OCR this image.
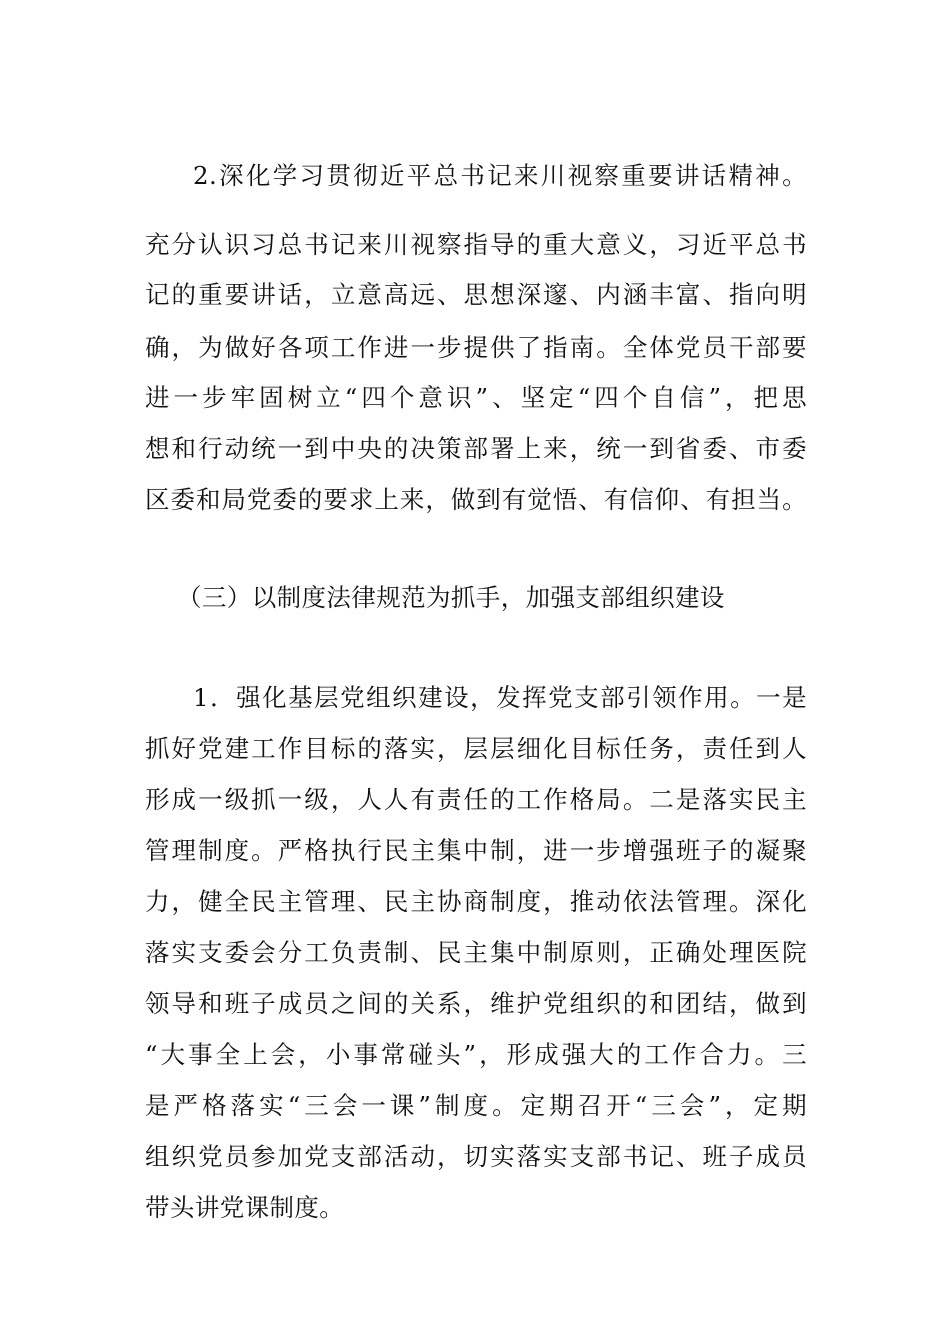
2.深化学习贯彻近平总书记来川视察重要讲话精神。
充分认识习总书记来川视察指导的重大意义，习近平总书
记的重要讲话，立意高远、思想深邃、内涵丰富、指向明
确，为做好各项工作进一步提供了指南。全体党员干部要
进一步牢固树立“四个意识”、坚定“四个自信”，把思
想和行动统一到中央的决策部署上来，统一到省委、市委
区委和局党委的要求上来，做到有觉悟、有信仰、有担当。
（三）以制度法律规范为抓手，加强支部组织建设
1．强化基层党组织建设，发挥党支部引领作用。一是
抓好党建工作目标的落实，层层细化目标任务，责任到人
形成一级抓一级，人人有责任的工作格局。二是落实民主
管理制度。严格执行民主集中制，进一步增强班子的凝聚
力，健全民主管理、民主协商制度，推动依法管理。深化
落实支委会分工负责制、民主集中制原则，正确处理医院
领导和班子成员之间的关系，维护党组织的和团结，做到
“大事全上会，小事常碰头”，形成强大的工作合力。三
是严格落实“三会一课”制度。定期召开“三会”，定期
组织党员参加党支部活动，切实落实支部书记、班子成员
带头讲党课制度。
